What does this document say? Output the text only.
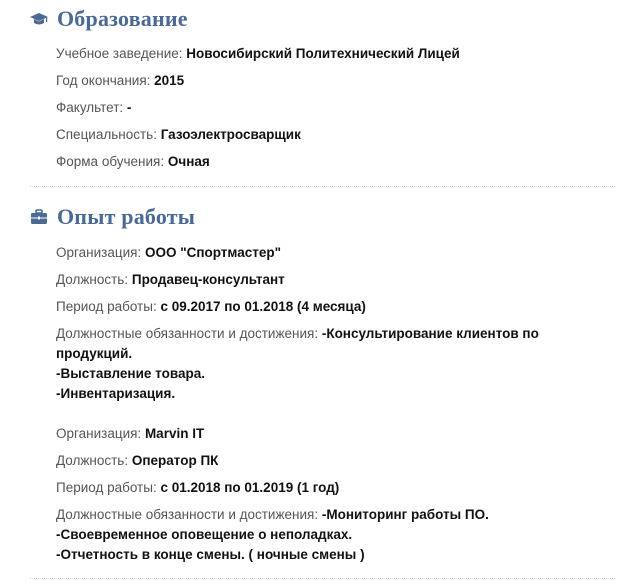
Образование
Учебное заведение: Новосибирский Политехнический Лицей
Год окончания: 2015
Факультет: -
Специальность: Газоэлектросварщик
Форма обучения: Очная
Опыт работы
Организация: ООО "Спортмастер"
Должность: Продавец-консультант
Период работы: с 09.2017 по 01.2018 (4 месяца)
Должностные обязанности и достижения: -Консультирование клиентов по продукций.
-Выставление товара.
-Инвентаризация.
Организация: Marvin IT
Должность: Оператор ПК
Период работы: с 01.2018 по 01.2019 (1 год)
Должностные обязанности и достижения: -Мониторинг работы ПО.
-Своевременное оповещение о неполадках.
-Отчетность в конце смены. ( ночные смены )
